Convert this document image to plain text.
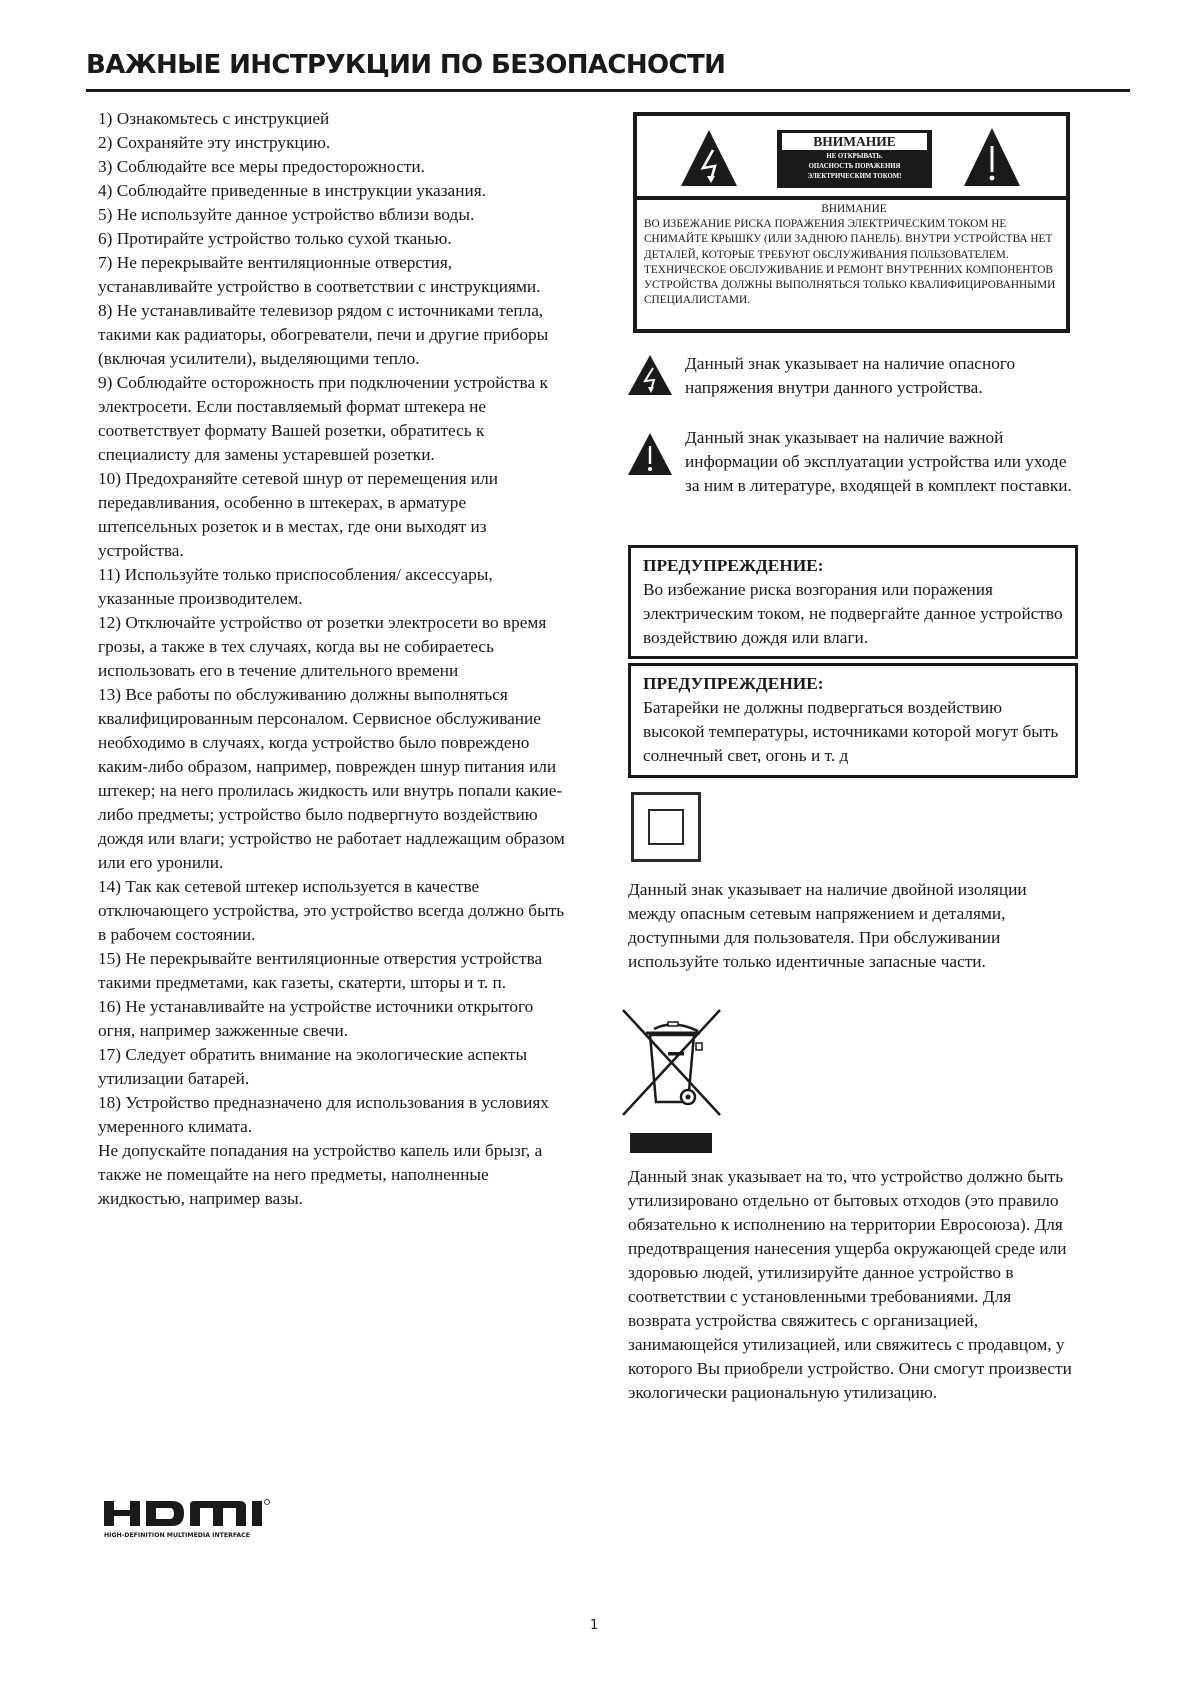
ВАЖНЫЕ ИНСТРУКЦИИ ПО БЕЗОПАСНОСТИ

1) Ознакомьтесь с инструкцией

2) Сохраняйте эту инструкцию.

3) Соблюдайте все меры предосторожности.

4) Соблюдайте приведенные в инструкции указания.

5) Не используйте данное устройство вблизи воды.

6) Протирайте устройство только сухой тканью.

7) Не перекрывайте вентиляционные отверстия, устанавливайте устройство в соответствии с инструкциями.

8) Не устанавливайте телевизор рядом с источниками тепла, такими как радиаторы, обогреватели, печи и другие приборы (включая усилители), выделяющими тепло.

9) Соблюдайте осторожность при подключении устройства к электросети. Если поставляемый формат штекера не соответствует формату Вашей розетки, обратитесь к специалисту для замены устаревшей розетки.

10) Предохраняйте сетевой шнур от перемещения или передавливания, особенно в штекерах, в арматуре штепсельных розеток и в местах, где они выходят из устройства.

11) Используйте только приспособления/ аксессуары, указанные производителем.

12) Отключайте устройство от розетки электросети во время грозы, а также в тех случаях, когда вы не собираетесь использовать его в течение длительного времени

13) Все работы по обслуживанию должны выполняться квалифицированным персоналом. Сервисное обслуживание необходимо в случаях, когда устройство было повреждено каким-либо образом, например, поврежден шнур питания или штекер; на него пролилась жидкость или внутрь попали какие-либо предметы; устройство было подвергнуто воздействию дождя или влаги; устройство не работает надлежащим образом или его уронили.

14) Так как сетевой штекер используется в качестве отключающего устройства, это устройство всегда должно быть в рабочем состоянии.

15) Не перекрывайте вентиляционные отверстия устройства такими предметами, как газеты, скатерти, шторы и т. п.

16) Не устанавливайте на устройстве источники открытого огня, например зажженные свечи.

17) Следует обратить внимание на экологические аспекты утилизации батарей.

18) Устройство предназначено для использования в условиях умеренного климата.

Не допускайте попадания на устройство капель или брызг, а также не помещайте на него предметы, наполненные жидкостью, например вазы.

ВНИМАНИЕ
НЕ ОТКРЫВАТЬ.
ОПАСНОСТЬ ПОРАЖЕНИЯ
ЭЛЕКТРИЧЕСКИМ ТОКОМ!
ВНИМАНИЕ
ВО ИЗБЕЖАНИЕ РИСКА ПОРАЖЕНИЯ ЭЛЕКТРИЧЕСКИМ ТОКОМ НЕ СНИМАЙТЕ КРЫШКУ (ИЛИ ЗАДНЮЮ ПАНЕЛЬ). ВНУТРИ УСТРОЙСТВА НЕТ ДЕТАЛЕЙ, КОТОРЫЕ ТРЕБУЮТ ОБСЛУЖИВАНИЯ ПОЛЬЗОВАТЕЛЕМ. ТЕХНИЧЕСКОЕ ОБСЛУЖИВАНИЕ И РЕМОНТ ВНУТРЕННИХ КОМПОНЕНТОВ УСТРОЙСТВА ДОЛЖНЫ ВЫПОЛНЯТЬСЯ ТОЛЬКО КВАЛИФИЦИРОВАННЫМИ СПЕЦИАЛИСТАМИ.
Данный знак указывает на наличие опасного напряжения внутри данного устройства.
Данный знак указывает на наличие важной информации об эксплуатации устройства или уходе за ним в литературе, входящей в комплект поставки.
ПРЕДУПРЕЖДЕНИЕ:
Во избежание риска возгорания или поражения электрическим током, не подвергайте данное устройство воздействию дождя или влаги.
ПРЕДУПРЕЖДЕНИЕ:
Батарейки не должны подвергаться воздействию высокой температуры, источниками которой могут быть солнечный свет, огонь и т. д
Данный знак указывает на наличие двойной изоляции между опасным сетевым напряжением и деталями, доступными для пользователя. При обслуживании используйте только идентичные запасные части.
Данный знак указывает на то, что устройство должно быть утилизировано отдельно от бытовых отходов (это правило обязательно к исполнению на территории Евросоюза). Для предотвращения нанесения ущерба окружающей среде или здоровью людей, утилизируйте данное устройство в соответствии с установленными требованиями. Для возврата устройства свяжитесь с организацией, занимающейся утилизацией, или свяжитесь с продавцом, у которого Вы приобрели устройство. Они смогут произвести экологически рациональную утилизацию.
HIGH-DEFINITION MULTIMEDIA INTERFACE
1
